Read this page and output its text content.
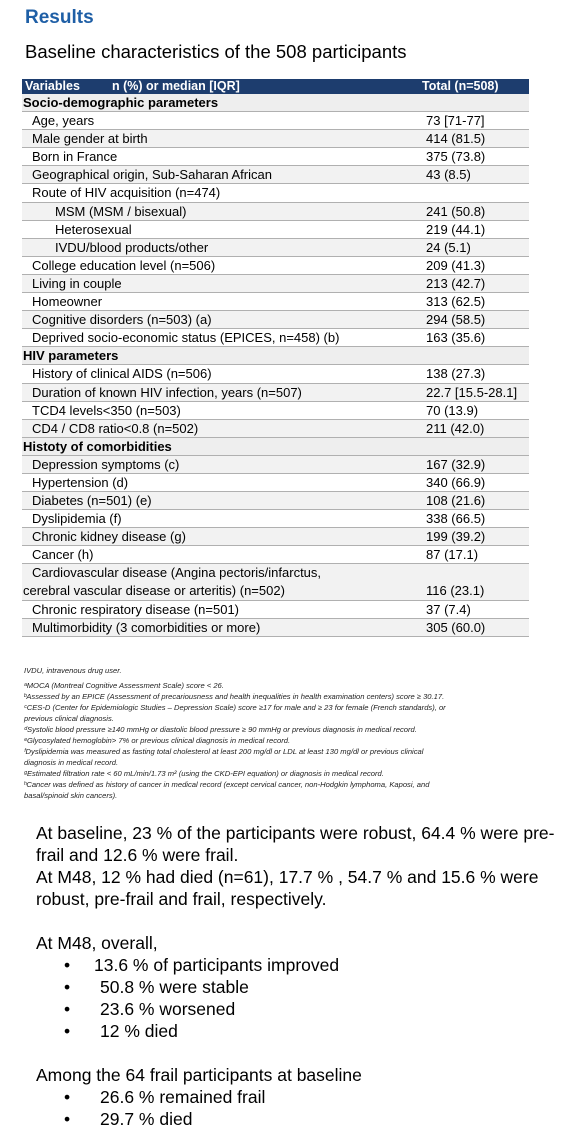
Results
Baseline characteristics of the 508 participants
Variables	n (%) or median [IQR]	Total (n=508)
Socio-demographic parameters
Age, years	73 [71-77]
Male gender at birth	414 (81.5)
Born in France	375 (73.8)
Geographical origin, Sub-Saharan African	43 (8.5)
Route of HIV acquisition (n=474)
MSM (MSM / bisexual)	241 (50.8)
Heterosexual	219 (44.1)
IVDU/blood products/other	24 (5.1)
College education level (n=506)	209 (41.3)
Living in couple	213 (42.7)
Homeowner	313 (62.5)
Cognitive disorders (n=503) (a)	294 (58.5)
Deprived socio-economic status (EPICES, n=458) (b)	163 (35.6)
HIV parameters
History of clinical AIDS (n=506)	138 (27.3)
Duration of known HIV infection, years (n=507)	22.7 [15.5-28.1]
TCD4 levels<350 (n=503)	70 (13.9)
CD4 / CD8 ratio<0.8 (n=502)	211 (42.0)
Histoty of comorbidities
Depression symptoms (c)	167 (32.9)
Hypertension (d)	340 (66.9)
Diabetes (n=501) (e)	108 (21.6)
Dyslipidemia (f)	338 (66.5)
Chronic kidney disease (g)	199 (39.2)
Cancer (h)	87 (17.1)
Cardiovascular disease (Angina pectoris/infarctus,
cerebral vascular disease or arteritis) (n=502)	116 (23.1)
Chronic respiratory disease (n=501)	37 (7.4)
Multimorbidity (3 comorbidities or more)	305 (60.0)
IVDU, intravenous drug user.
ᵃMOCA (Montreal Cognitive Assessment Scale) score < 26.
ᵇAssessed by an EPICE (Assessment of precariousness and health inequalities in health examination centers) score ≥ 30.17.
ᶜCES-D (Center for Epidemiologic Studies – Depression Scale) score ≥17 for male and ≥ 23 for female (French standards), or
previous clinical diagnosis.
ᵈSystolic blood pressure ≥140 mmHg or diastolic blood pressure ≥ 90 mmHg or previous diagnosis in medical record.
ᵉGlycosylated hemoglobin> 7% or previous clinical diagnosis in medical record.
ᶠDyslipidemia was measured as fasting total cholesterol at least 200 mg/dl or LDL at least 130 mg/dl or previous clinical
diagnosis in medical record.
ᵍEstimated filtration rate < 60 mL/min/1.73 m² (using the CKD-EPI equation) or diagnosis in medical record.
ʰCancer was defined as history of cancer in medical record (except cervical cancer, non-Hodgkin lymphoma, Kaposi, and
basal/spinoid skin cancers).
At baseline, 23 % of the participants were robust, 64.4 % were pre-frail and 12.6 % were frail.
At M48, 12 % had died (n=61), 17.7 % , 54.7 % and 15.6 % were robust, pre-frail and frail, respectively.
At M48, overall,
• 13.6 % of participants improved
• 50.8 % were stable
• 23.6 % worsened
• 12 % died
Among the 64 frail participants at baseline
• 26.6 % remained frail
• 29.7 % died
